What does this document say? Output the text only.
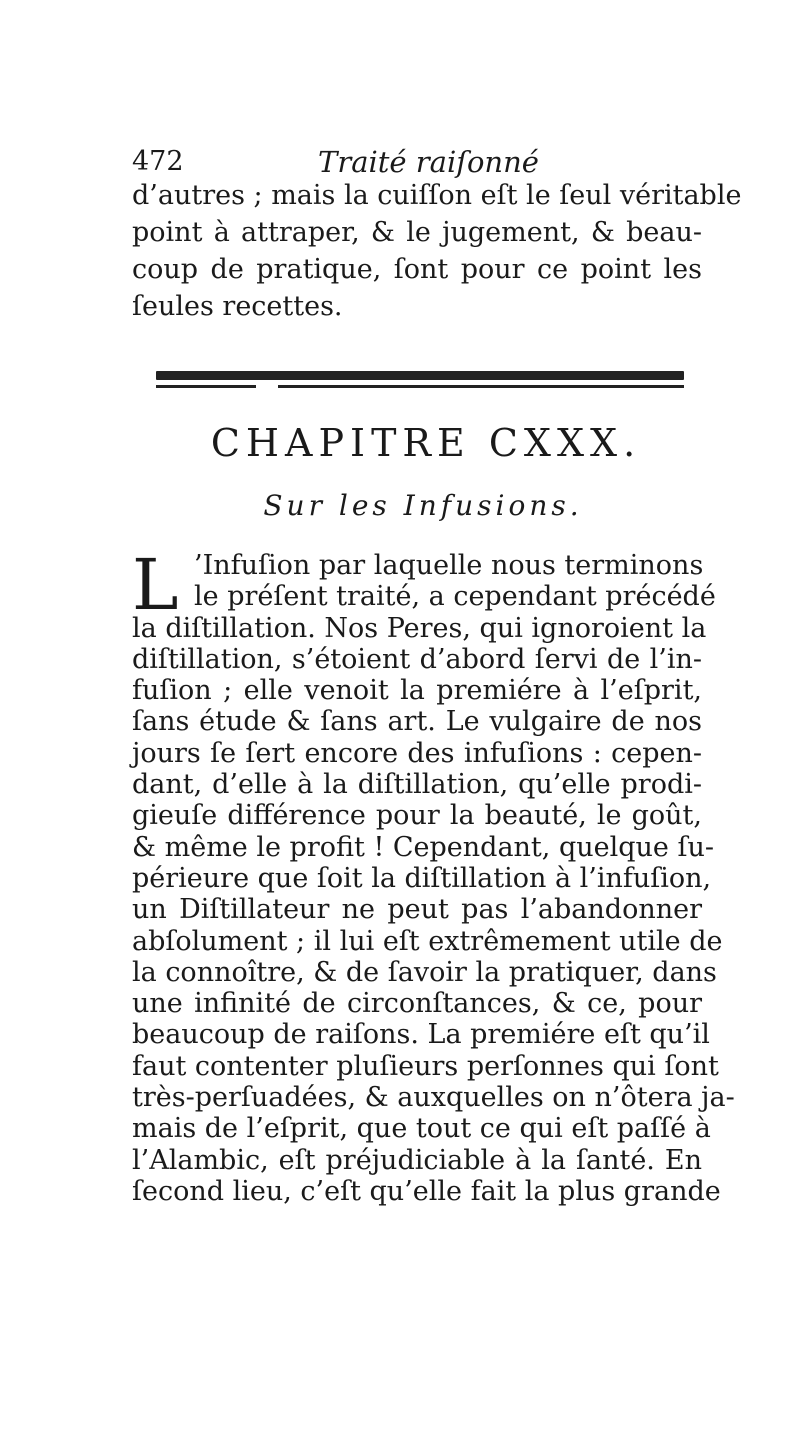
472	Traité raiſonné
d’autres ; mais la cuiſſon eſt le ſeul véritable
point à attraper, & le jugement, & beau-
coup de pratique, ſont pour ce point les
ſeules recettes.
CHAPITRE CXXX.
Sur les Infusions.
L ’Infuſion par laquelle nous terminons
le préſent traité, a cependant précédé
la diſtillation. Nos Peres, qui ignoroient la
diſtillation, s’étoient d’abord ſervi de l’in-
fuſion ; elle venoit la premiére à l’eſprit,
ſans étude & ſans art. Le vulgaire de nos
jours ſe ſert encore des infuſions : cepen-
dant, d’elle à la diſtillation, qu’elle prodi-
gieuſe différence pour la beauté, le goût,
& même le profit ! Cependant, quelque ſu-
périeure que ſoit la diſtillation à l’infuſion,
un Diſtillateur ne peut pas l’abandonner
abſolument ; il lui eſt extrêmement utile de
la connoître, & de ſavoir la pratiquer, dans
une infinité de circonſtances, & ce, pour
beaucoup de raiſons. La premiére eſt qu’il
faut contenter pluſieurs perſonnes qui ſont
très-perſuadées, & auxquelles on n’ôtera ja-
mais de l’eſprit, que tout ce qui eſt paſſé à
l’Alambic, eſt préjudiciable à la ſanté. En
ſecond lieu, c’eſt qu’elle fait la plus grande
